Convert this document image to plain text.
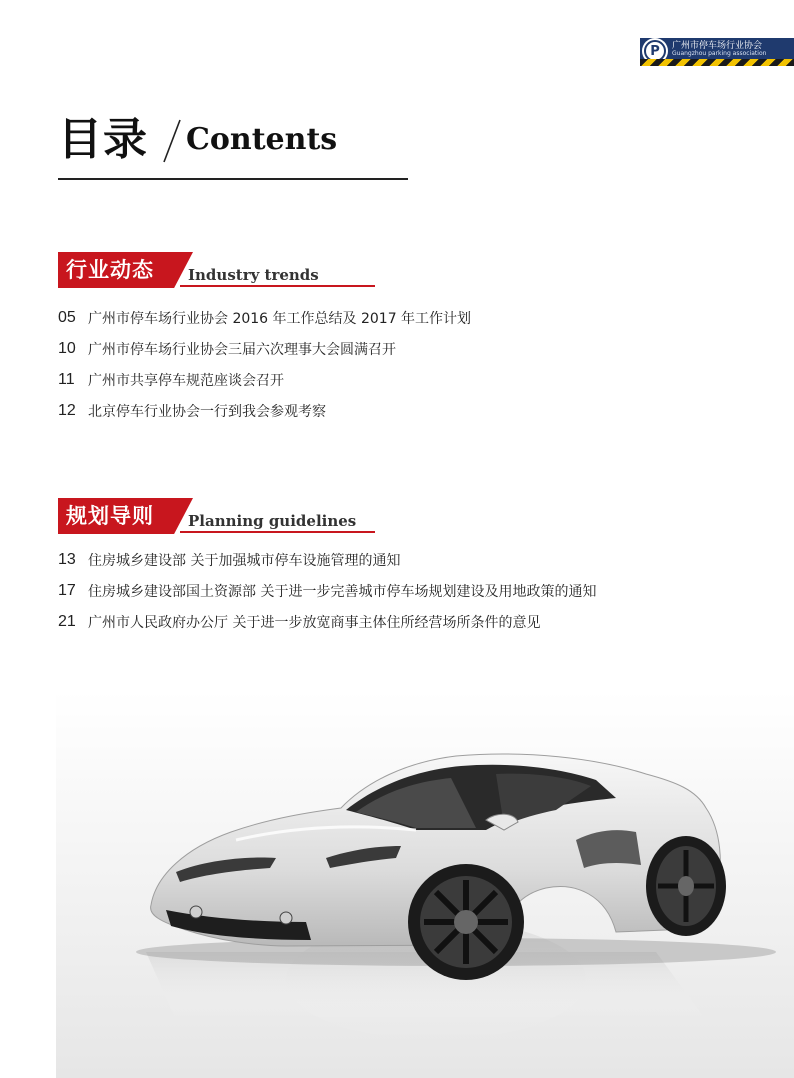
P 广州市停车场行业协会
Guangzhou parking association
目录 Contents
行业动态 Industry trends
05 广州市停车场行业协会 2016 年工作总结及 2017 年工作计划
10 广州市停车场行业协会三届六次理事大会圆满召开
11 广州市共享停车规范座谈会召开
12 北京停车行业协会一行到我会参观考察
规划导则 Planning guidelines
13 住房城乡建设部 关于加强城市停车设施管理的通知
17 住房城乡建设部国土资源部 关于进一步完善城市停车场规划建设及用地政策的通知
21 广州市人民政府办公厅 关于进一步放宽商事主体住所经营场所条件的意见
